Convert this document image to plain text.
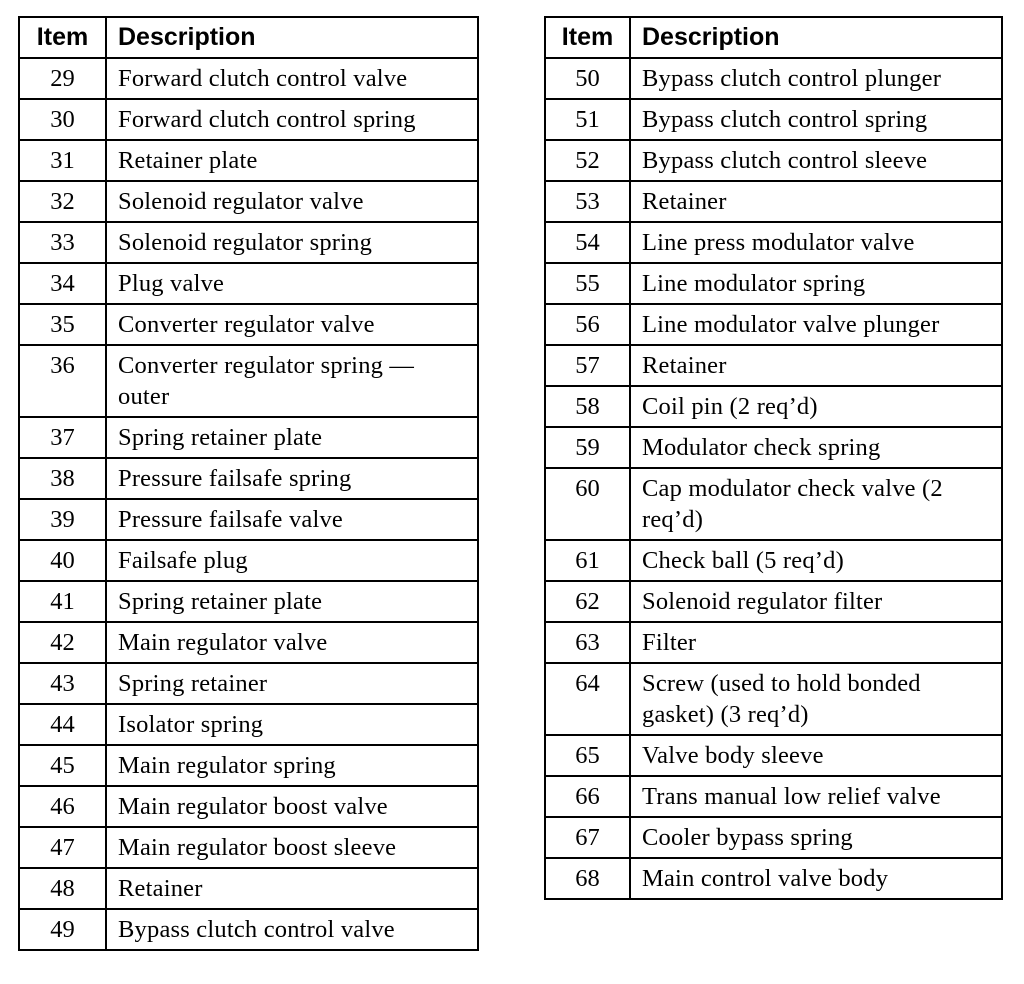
Item	Description
29	Forward clutch control valve
30	Forward clutch control spring
31	Retainer plate
32	Solenoid regulator valve
33	Solenoid regulator spring
34	Plug valve
35	Converter regulator valve
36	Converter regulator spring — outer
37	Spring retainer plate
38	Pressure failsafe spring
39	Pressure failsafe valve
40	Failsafe plug
41	Spring retainer plate
42	Main regulator valve
43	Spring retainer
44	Isolator spring
45	Main regulator spring
46	Main regulator boost valve
47	Main regulator boost sleeve
48	Retainer
49	Bypass clutch control valve
Item	Description
50	Bypass clutch control plunger
51	Bypass clutch control spring
52	Bypass clutch control sleeve
53	Retainer
54	Line press modulator valve
55	Line modulator spring
56	Line modulator valve plunger
57	Retainer
58	Coil pin (2 req’d)
59	Modulator check spring
60	Cap modulator check valve (2 req’d)
61	Check ball (5 req’d)
62	Solenoid regulator filter
63	Filter
64	Screw (used to hold bonded gasket) (3 req’d)
65	Valve body sleeve
66	Trans manual low relief valve
67	Cooler bypass spring
68	Main control valve body
